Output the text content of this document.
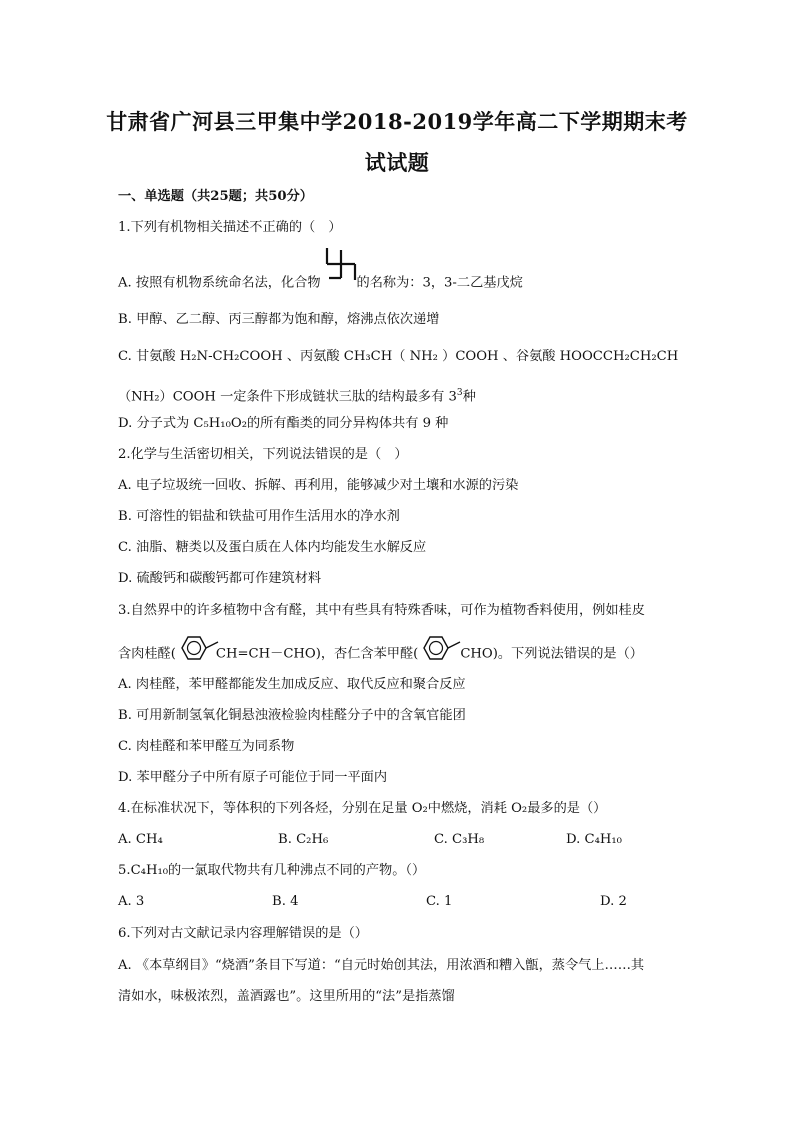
甘肃省广河县三甲集中学2018-2019学年高二下学期期末考
试试题
一、单选题（共25题；共50分）
1.下列有机物相关描述不正确的（　）
A. 按照有机物系统命名法，化合物	的名称为：3，3-二乙基戊烷
B. 甲醇、乙二醇、丙三醇都为饱和醇，熔沸点依次递增
C. 甘氨酸 H₂N-CH₂COOH 、丙氨酸 CH₃CH（ NH₂ ）COOH 、谷氨酸 HOOCCH₂CH₂CH
（NH₂）COOH 一定条件下形成链状三肽的结构最多有 $3^3$种
D. 分子式为 C₅H₁₀O₂的所有酯类的同分异构体共有 9 种
2.化学与生活密切相关，下列说法错误的是（　）
A. 电子垃圾统一回收、拆解、再利用，能够减少对土壤和水源的污染
B. 可溶性的铝盐和铁盐可用作生活用水的净水剂
C. 油脂、糖类以及蛋白质在人体内均能发生水解反应
D. 硫酸钙和碳酸钙都可作建筑材料
3.自然界中的许多植物中含有醛，其中有些具有特殊香味，可作为植物香料使用，例如桂皮
含肉桂醛(	CH=CH－CHO)，杏仁含苯甲醛(	CHO)。下列说法错误的是（）
A. 肉桂醛，苯甲醛都能发生加成反应、取代反应和聚合反应
B. 可用新制氢氧化铜悬浊液检验肉桂醛分子中的含氧官能团
C. 肉桂醛和苯甲醛互为同系物
D. 苯甲醛分子中所有原子可能位于同一平面内
4.在标准状况下，等体积的下列各烃，分别在足量 O₂中燃烧，消耗 O₂最多的是（）
A. CH₄	B. C₂H₆	C. C₃H₈	D. C₄H₁₀
5.C₄H₁₀的一氯取代物共有几种沸点不同的产物。（）
A. 3	B. 4	C. 1	D. 2
6.下列对古文献记录内容理解错误的是（）
A. 《本草纲目》“烧酒”条目下写道：“自元时始创其法，用浓酒和糟入甑，蒸令气上……其
清如水，味极浓烈，盖酒露也”。这里所用的“法”是指蒸馏
